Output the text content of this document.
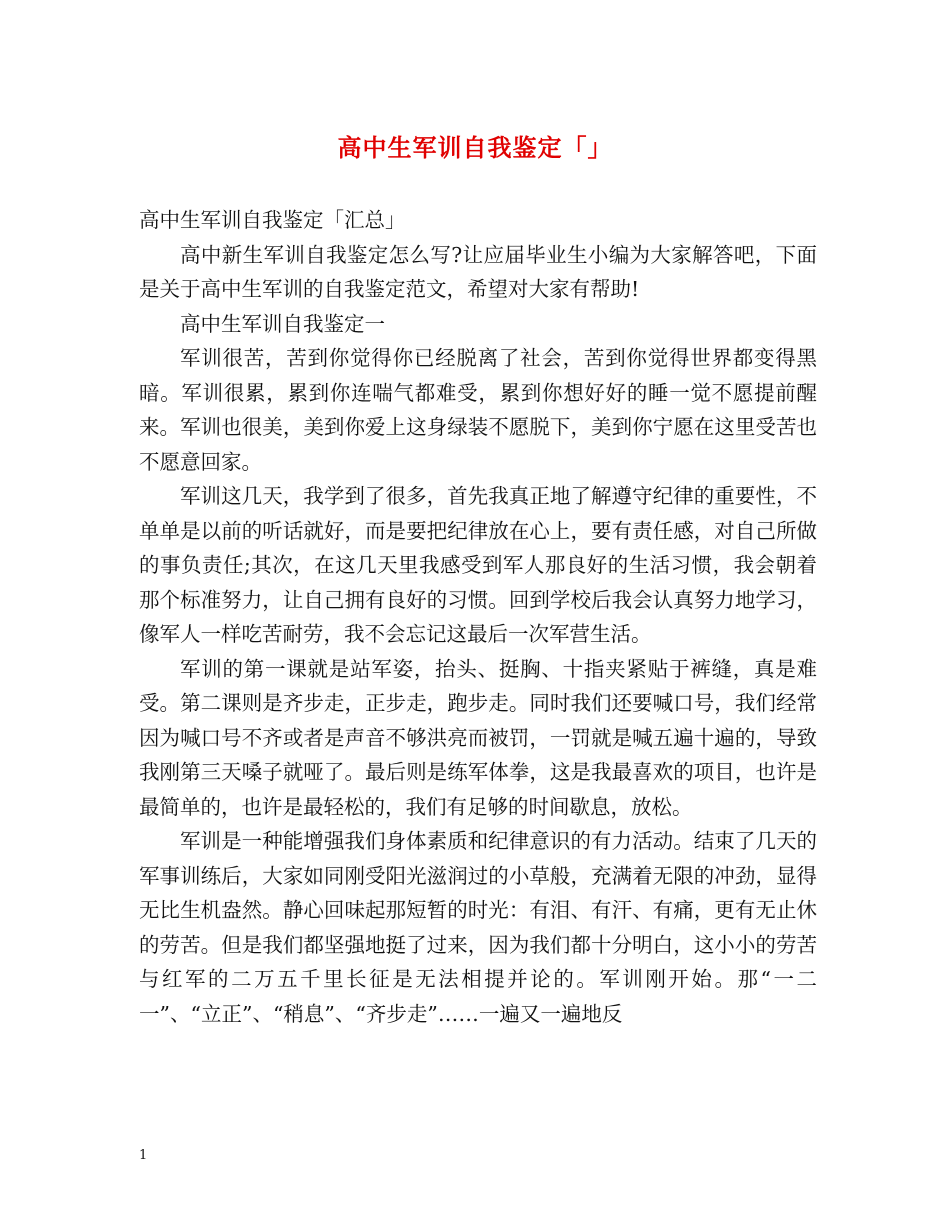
高中生军训自我鉴定「」

高中生军训自我鉴定「汇总」

高中新生军训自我鉴定怎么写?让应届毕业生小编为大家解答吧，下面是关于高中生军训的自我鉴定范文，希望对大家有帮助!

高中生军训自我鉴定一

军训很苦，苦到你觉得你已经脱离了社会，苦到你觉得世界都变得黑暗。军训很累，累到你连喘气都难受，累到你想好好的睡一觉不愿提前醒来。军训也很美，美到你爱上这身绿装不愿脱下，美到你宁愿在这里受苦也不愿意回家。

军训这几天，我学到了很多，首先我真正地了解遵守纪律的重要性，不单单是以前的听话就好，而是要把纪律放在心上，要有责任感，对自己所做的事负责任;其次，在这几天里我感受到军人那良好的生活习惯，我会朝着那个标准努力，让自己拥有良好的习惯。回到学校后我会认真努力地学习，像军人一样吃苦耐劳，我不会忘记这最后一次军营生活。

军训的第一课就是站军姿，抬头、挺胸、十指夹紧贴于裤缝，真是难受。第二课则是齐步走，正步走，跑步走。同时我们还要喊口号，我们经常因为喊口号不齐或者是声音不够洪亮而被罚，一罚就是喊五遍十遍的，导致我刚第三天嗓子就哑了。最后则是练军体拳，这是我最喜欢的项目，也许是最简单的，也许是最轻松的，我们有足够的时间歇息，放松。

军训是一种能增强我们身体素质和纪律意识的有力活动。结束了几天的军事训练后，大家如同刚受阳光滋润过的小草般，充满着无限的冲劲，显得无比生机盎然。静心回味起那短暂的时光：有泪、有汗、有痛，更有无止休的劳苦。但是我们都坚强地挺了过来，因为我们都十分明白，这小小的劳苦与红军的二万五千里长征是无法相提并论的。军训刚开始。那“一二一”、“立正”、“稍息”、“齐步走”……一遍又一遍地反

1
